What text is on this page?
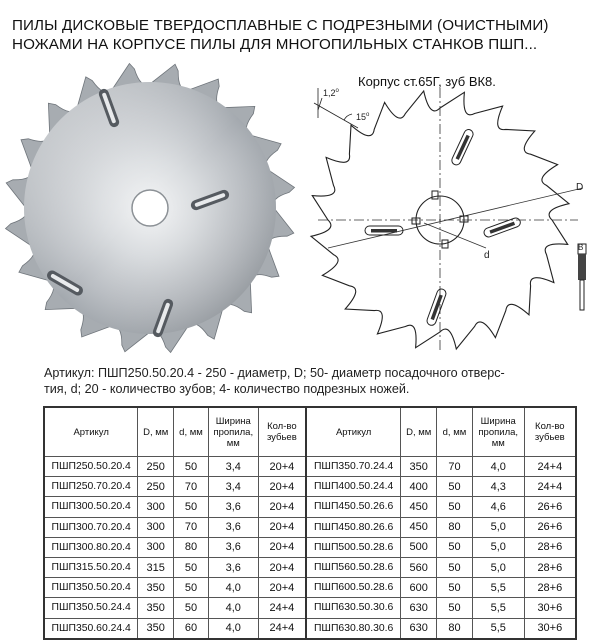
ПИЛЫ ДИСКОВЫЕ ТВЕРДОСПЛАВНЫЕ С ПОДРЕЗНЫМИ (ОЧИСТНЫМИ)
НОЖАМИ НА КОРПУСЕ ПИЛЫ ДЛЯ МНОГОПИЛЬНЫХ СТАНКОВ ПШП...
1,2$^o$
15$^o$
D
d
B
Корпус ст.65Г, зуб ВК8.
Артикул: ПШП250.50.20.4 - 250 - диаметр, D; 50- диаметр посадочного отверс-
тия, d; 20 - количество зубов; 4- количество подрезных ножей.
Артикул	D, мм	d, мм	Ширина пропила, мм	Кол-во зубьев	Артикул	D, мм	d, мм	Ширина пропила, мм	Кол-во зубьев
ПШП250.50.20.4	250	50	3,4	20+4	ПШП350.70.24.4	350	70	4,0	24+4
ПШП250.70.20.4	250	70	3,4	20+4	ПШП400.50.24.4	400	50	4,3	24+4
ПШП300.50.20.4	300	50	3,6	20+4	ПШП450.50.26.6	450	50	4,6	26+6
ПШП300.70.20.4	300	70	3,6	20+4	ПШП450.80.26.6	450	80	5,0	26+6
ПШП300.80.20.4	300	80	3,6	20+4	ПШП500.50.28.6	500	50	5,0	28+6
ПШП315.50.20.4	315	50	3,6	20+4	ПШП560.50.28.6	560	50	5,0	28+6
ПШП350.50.20.4	350	50	4,0	20+4	ПШП600.50.28.6	600	50	5,5	28+6
ПШП350.50.24.4	350	50	4,0	24+4	ПШП630.50.30.6	630	50	5,5	30+6
ПШП350.60.24.4	350	60	4,0	24+4	ПШП630.80.30.6	630	80	5,5	30+6
